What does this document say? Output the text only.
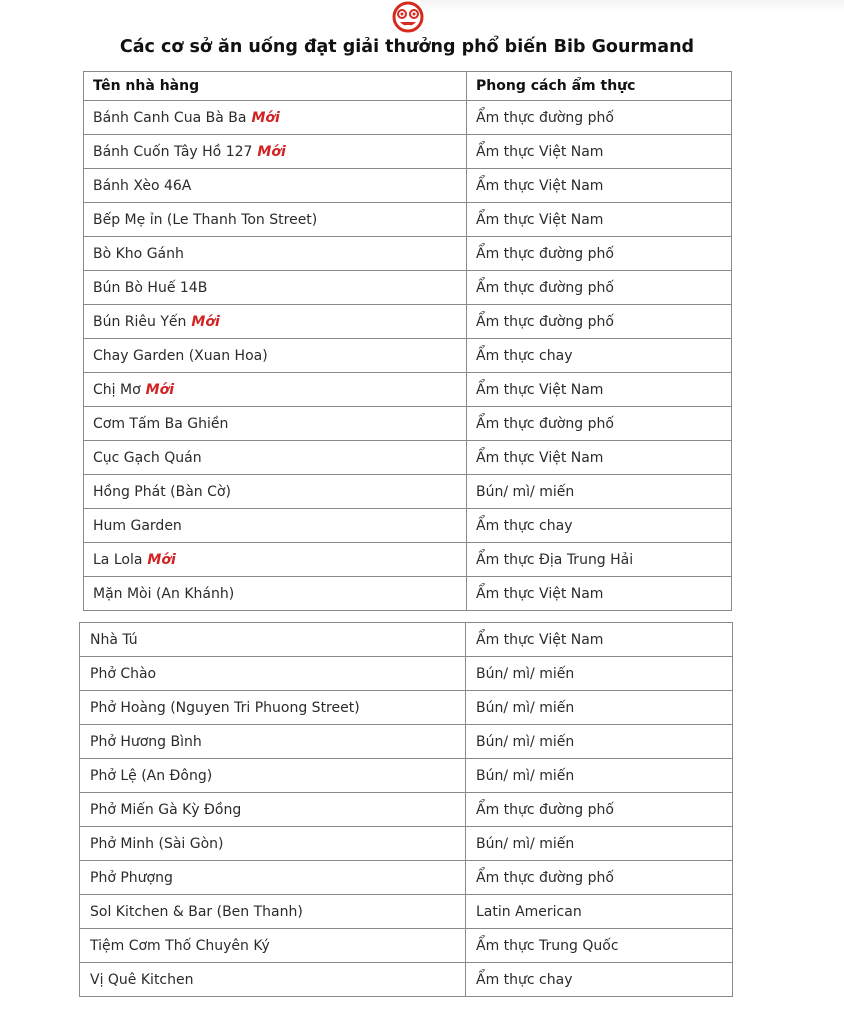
Các cơ sở ăn uống đạt giải thưởng phổ biến Bib Gourmand
Tên nhà hàng	Phong cách ẩm thực
Bánh Canh Cua Bà Ba Mới	Ẩm thực đường phố
Bánh Cuốn Tây Hồ 127 Mới	Ẩm thực Việt Nam
Bánh Xèo 46A	Ẩm thực Việt Nam
Bếp Mẹ ỉn (Le Thanh Ton Street)	Ẩm thực Việt Nam
Bò Kho Gánh	Ẩm thực đường phố
Bún Bò Huế 14B	Ẩm thực đường phố
Bún Riêu Yến Mới	Ẩm thực đường phố
Chay Garden (Xuan Hoa)	Ẩm thực chay
Chị Mơ Mới	Ẩm thực Việt Nam
Cơm Tấm Ba Ghiền	Ẩm thực đường phố
Cục Gạch Quán	Ẩm thực Việt Nam
Hồng Phát (Bàn Cờ)	Bún/ mì/ miến
Hum Garden	Ẩm thực chay
La Lola Mới	Ẩm thực Địa Trung Hải
Mặn Mòi (An Khánh)	Ẩm thực Việt Nam
Nhà Tú	Ẩm thực Việt Nam
Phở Chào	Bún/ mì/ miến
Phở Hoàng (Nguyen Tri Phuong Street)	Bún/ mì/ miến
Phở Hương Bình	Bún/ mì/ miến
Phở Lệ (An Đông)	Bún/ mì/ miến
Phở Miến Gà Kỳ Đồng	Ẩm thực đường phố
Phở Minh (Sài Gòn)	Bún/ mì/ miến
Phở Phượng	Ẩm thực đường phố
Sol Kitchen & Bar (Ben Thanh)	Latin American
Tiệm Cơm Thố Chuyên Ký	Ẩm thực Trung Quốc
Vị Quê Kitchen	Ẩm thực chay
